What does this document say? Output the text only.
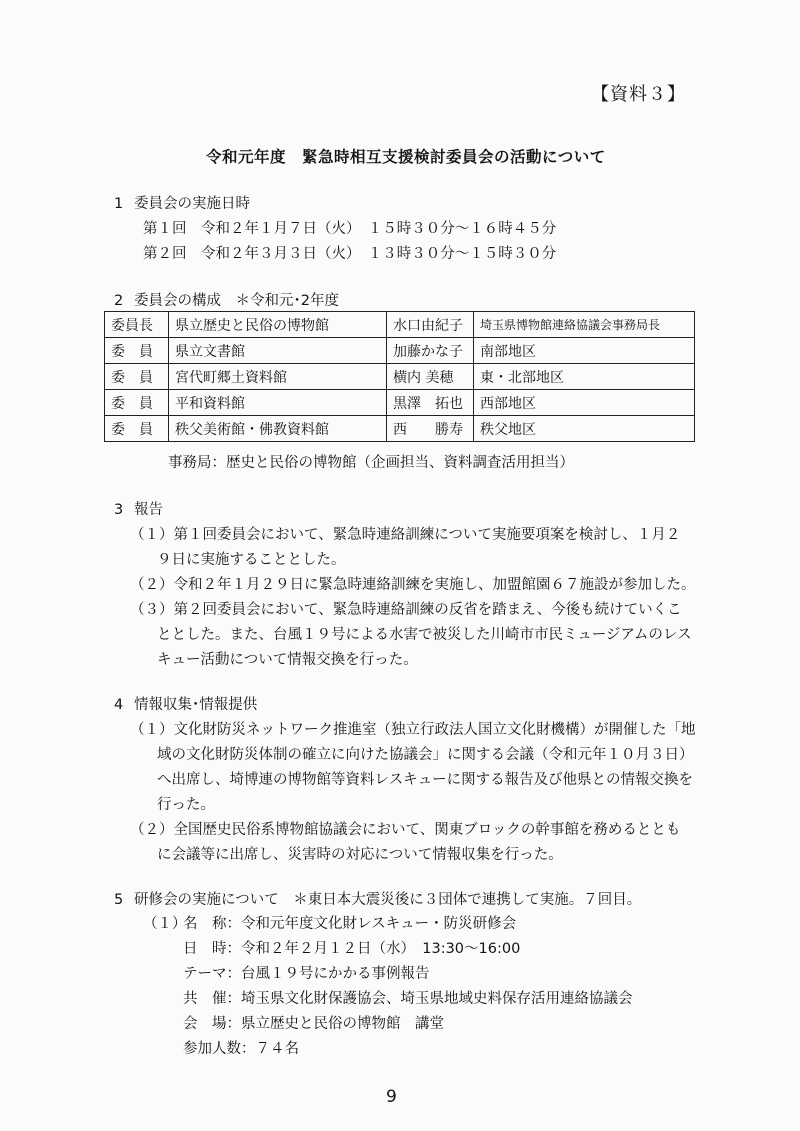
【資料３】
令和元年度　緊急時相互支援検討委員会の活動について
1 委員会の実施日時
第１回　令和２年１月７日（火）　１５時３０分～１６時４５分
第２回　令和２年３月３日（火）　１３時３０分～１５時３０分
2 委員会の構成　＊令和元･2年度
委員長	県立歴史と民俗の博物館	水口由紀子	埼玉県博物館連絡協議会事務局長
委　員	県立文書館	加藤かな子	南部地区
委　員	宮代町郷土資料館	横内 美穂	東・北部地区
委　員	平和資料館	黒澤　拓也	西部地区
委　員	秩父美術館・佛教資料館	西　　勝寿	秩父地区
事務局：歴史と民俗の博物館（企画担当、資料調査活用担当）
3 報告
（１）第１回委員会において、緊急時連絡訓練について実施要項案を検討し、１月２
９日に実施することとした。
（２）令和２年１月２９日に緊急時連絡訓練を実施し、加盟館園６７施設が参加した。
（３）第２回委員会において、緊急時連絡訓練の反省を踏まえ、今後も続けていくこ
ととした。また、台風１９号による水害で被災した川崎市市民ミュージアムのレス
キュー活動について情報交換を行った。
4 情報収集･情報提供
（１）文化財防災ネットワーク推進室（独立行政法人国立文化財機構）が開催した「地
域の文化財防災体制の確立に向けた協議会」に関する会議（令和元年１０月３日）
へ出席し、埼博連の博物館等資料レスキューに関する報告及び他県との情報交換を
行った。
（２）全国歴史民俗系博物館協議会において、関東ブロックの幹事館を務めるととも
に会議等に出席し、災害時の対応について情報収集を行った。
5 研修会の実施について　＊東日本大震災後に３団体で連携して実施。７回目。
（１）
名　称：令和元年度文化財レスキュー・防災研修会
日　時：令和２年２月１２日（水）　13:30～16:00
テーマ：台風１９号にかかる事例報告
共　催：埼玉県文化財保護協会、埼玉県地域史料保存活用連絡協議会
会　場：県立歴史と民俗の博物館　講堂
参加人数：７４名
9
